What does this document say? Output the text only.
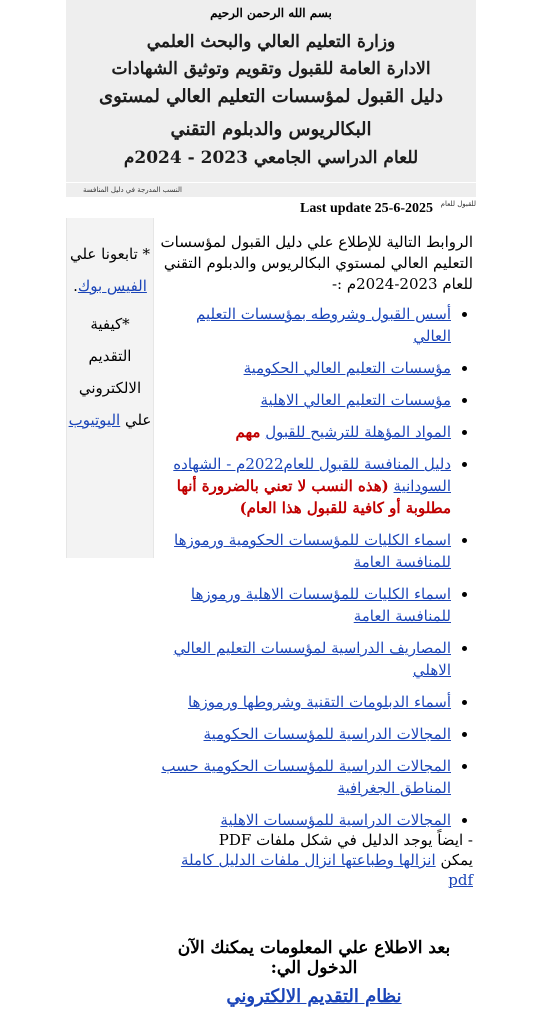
بسم الله الرحمن الرحيم
وزارة التعليم العالي والبحث العلمي
الادارة العامة للقبول وتقويم وتوثيق الشهادات
دليل القبول لمؤسسات التعليم العالي لمستوى
البكالريوس والدبلوم التقني
للعام الدراسي الجامعي 2023 - 2024م
النسب المدرجة في دليل المنافسة للقبول للعام
Last update 25-6-2025
* تابعونا علي الفيس بوك.
*كيفية التقديم الالكتروني علي اليوتيوب
الروابط التالية للإطلاع علي دليل القبول لمؤسسات التعليم العالي لمستوي البكالريوس والدبلوم التقني للعام 2023-2024م :-
• أسس القبول وشروطه بمؤسسات التعليم العالي
• مؤسسات التعليم العالي الحكومية
• مؤسسات التعليم العالي الاهلية
• المواد المؤهلة للترشيح للقبول مهم
• دليل المنافسة للقبول للعام2022م - الشهاده السودانية (هذه النسب لا تعني بالضرورة أنها مطلوبة أو كافية للقبول هذا العام)
• اسماء الكليات للمؤسسات الحكومية ورموزها للمنافسة العامة
• اسماء الكليات للمؤسسات الاهلية ورموزها للمنافسة العامة
• المصاريف الدراسية لمؤسسات التعليم العالي الاهلي
• أسماء الدبلومات التقنية وشروطها ورموزها
• المجالات الدراسية للمؤسسات الحكومية
• المجالات الدراسية للمؤسسات الحكومية حسب المناطق الجغرافية
• المجالات الدراسية للمؤسسات الاهلية
- ايضاً يوجد الدليل في شكل ملفات PDF
يمكن انزالها وطباعتها انزال ملفات الدليل كاملة pdf
بعد الاطلاع علي المعلومات يمكنك الآن الدخول الي:
نظام التقديم الالكتروني
